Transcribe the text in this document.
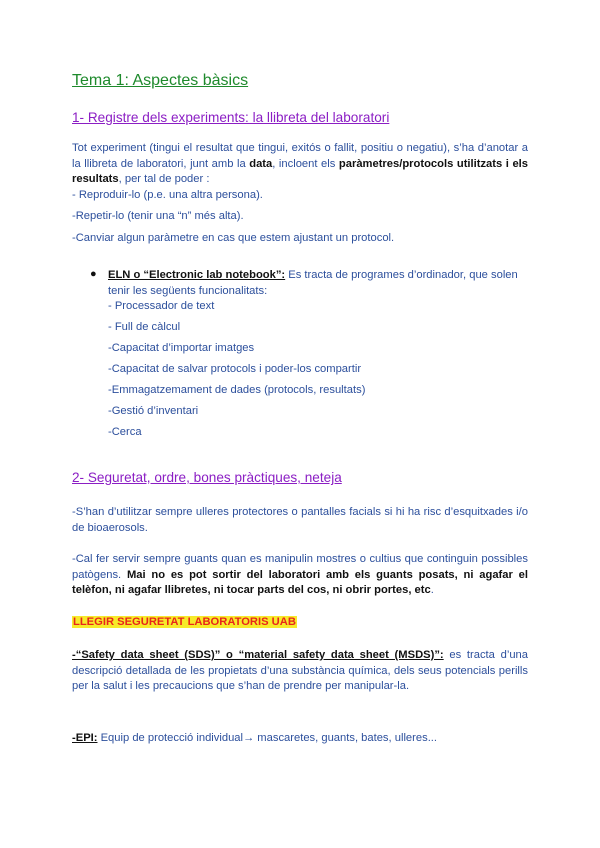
Tema 1: Aspectes bàsics
1- Registre dels experiments: la llibreta del laboratori
Tot experiment (tingui el resultat que tingui, exitós o fallit, positiu o negatiu), s’ha d’anotar a la llibreta de laboratori, junt amb la data, incloent els paràmetres/protocols utilitzats i els resultats, per tal de poder :
- Reproduir-lo (p.e. una altra persona).
-Repetir-lo (tenir una “n” més alta).
-Canviar algun paràmetre en cas que estem ajustant un protocol.
● ELN o “Electronic lab notebook”: Es tracta de programes d’ordinador, que solen tenir les següents funcionalitats:
- Processador de text
- Full de càlcul
-Capacitat d’importar imatges
-Capacitat de salvar protocols i poder-los compartir
-Emmagatzemament de dades (protocols, resultats)
-Gestió d’inventari
-Cerca
2- Seguretat, ordre, bones pràctiques, neteja
-S’han d’utilitzar sempre ulleres protectores o pantalles facials si hi ha risc d’esquitxades i/o de bioaerosols.
-Cal fer servir sempre guants quan es manipulin mostres o cultius que continguin possibles patògens. Mai no es pot sortir del laboratori amb els guants posats, ni agafar el telèfon, ni agafar llibretes, ni tocar parts del cos, ni obrir portes, etc.
LLEGIR SEGURETAT LABORATORIS UAB
-“Safety data sheet (SDS)” o “material safety data sheet (MSDS)”: es tracta d’una descripció detallada de les propietats d’una substància química, dels seus potencials perills per la salut i les precaucions que s’han de prendre per manipular-la.
-EPI: Equip de protecció individual→ mascaretes, guants, bates, ulleres...
